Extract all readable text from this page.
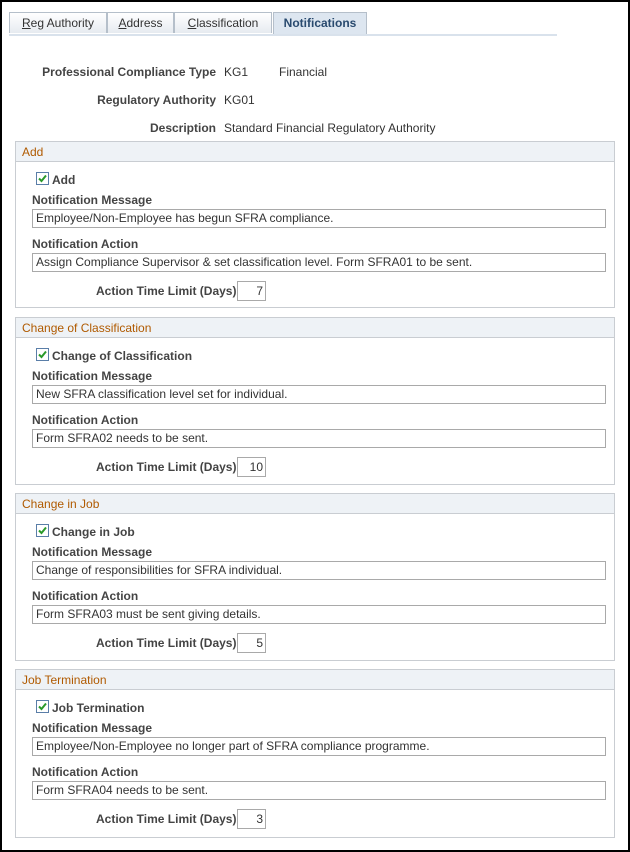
Reg Authority	Address	Classification	Notifications
Professional Compliance Type KG1	Financial
Regulatory Authority KG01
Description Standard Financial Regulatory Authority
Add
Add
Notification Message
Employee/Non-Employee has begun SFRA compliance.
Notification Action
Assign Compliance Supervisor & set classification level. Form SFRA01 to be sent.
Action Time Limit (Days)	7
Change of Classification
Change of Classification
Notification Message
New SFRA classification level set for individual.
Notification Action
Form SFRA02 needs to be sent.
Action Time Limit (Days)	10
Change in Job
Change in Job
Notification Message
Change of responsibilities for SFRA individual.
Notification Action
Form SFRA03 must be sent giving details.
Action Time Limit (Days)	5
Job Termination
Job Termination
Notification Message
Employee/Non-Employee no longer part of SFRA compliance programme.
Notification Action
Form SFRA04 needs to be sent.
Action Time Limit (Days)	3
